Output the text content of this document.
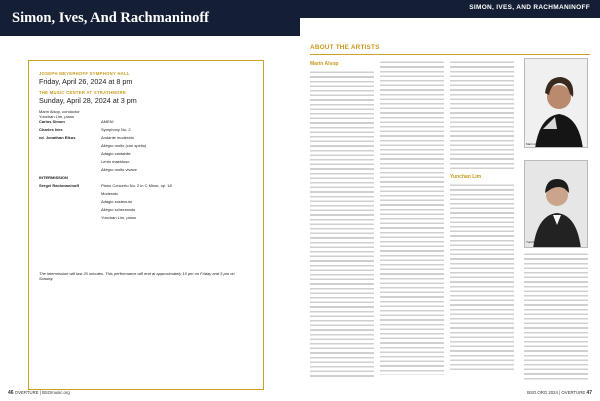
Simon, Ives, And Rachmaninoff
JOSEPH MEYERHOFF SYMPHONY HALL
Friday, April 26, 2024 at 8 pm
THE MUSIC CENTER AT STRATHMORE
Sunday, April 28, 2024 at 3 pm
Marin Alsop, conductor
Yunchan Lim, piano
Carlos Simon	AMEN!
Charles Ives	Symphony No. 2
ed. Jonathan Elkus	Andante moderato
Allegro molto (con spirito)
Adagio cantabile
Lento maestoso
Allegro molto vivace
INTERMISSION
Sergei Rachmaninoff	Piano Concerto No. 2 in C Minor, op. 18
Moderato
Adagio sostenuto
Allegro scherzando
Yunchan Lim, piano
The intermission will last 20 minutes. This performance will end at approximately 10 pm on Friday and 5 pm on Sunday.
46 OVERTURE | BSOmusic.org
SIMON, IVES, AND RACHMANINOFF
ABOUT THE ARTISTS
Marin Alsop
Yunchan Lim
Marin Alsop
Yunchan Lim
BSO.ORG 2024 | OVERTURE 47
